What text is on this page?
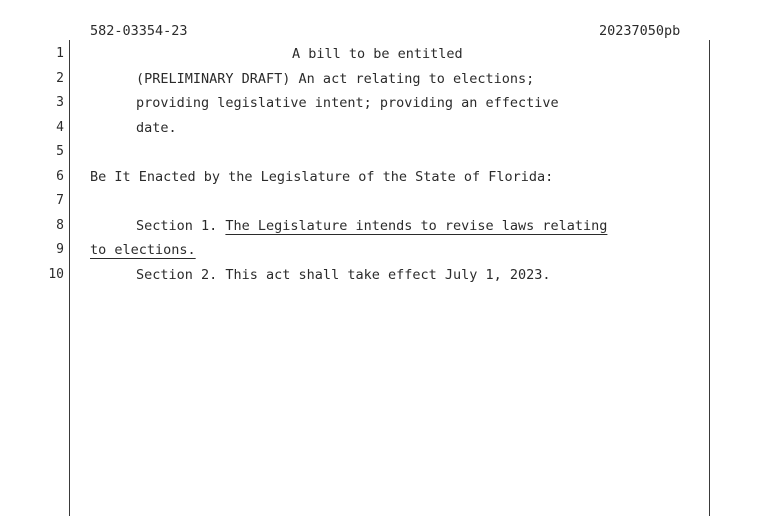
582-03354-23	20237050pb
1
2
3
4
5
6
7
8
9
10
A bill to be entitled
(PRELIMINARY DRAFT) An act relating to elections;
providing legislative intent; providing an effective
date.
Be It Enacted by the Legislature of the State of Florida:
Section 1. The Legislature intends to revise laws relating
to elections.
Section 2. This act shall take effect July 1, 2023.
